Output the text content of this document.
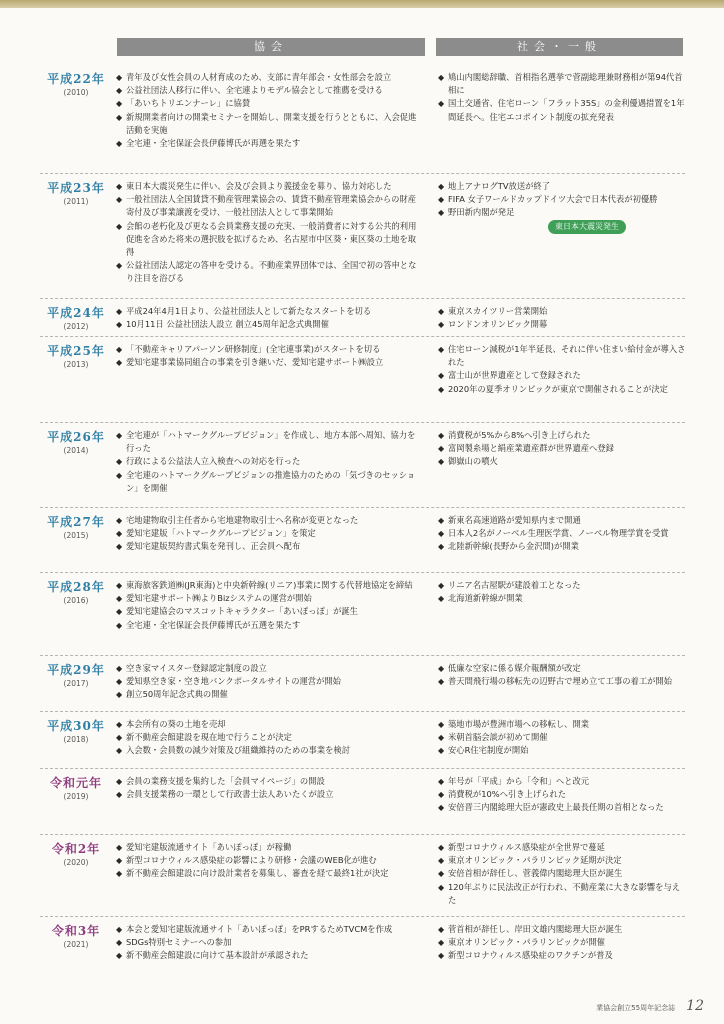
協会	社会・一般
平成22年
(2010)
◆ 青年及び女性会員の人材育成のため、支部に青年部会・女性部会を設立
◆ 公益社団法人移行に伴い、全宅連よりモデル協会として推薦を受ける
◆ 「あいちトリエンナーレ」に協賛
◆ 新規開業者向けの開業セミナーを開始し、開業支援を行うとともに、入会促進活動を実施
◆ 全宅連・全宅保証会長伊藤博氏が再選を果たす
◆ 鳩山内閣総辞職、首相指名選挙で菅副総理兼財務相が第94代首相に
◆ 国土交通省、住宅ローン「フラット35S」の金利優遇措置を1年間延長へ。住宅エコポイント制度の拡充発表
平成23年
(2011)
◆ 東日本大震災発生に伴い、会及び会員より義援金を募り、協力対応した
◆ 一般社団法人全国賃貸不動産管理業協会の、賃貸不動産管理業協会からの財産寄付及び事業譲渡を受け、一般社団法人として事業開始
◆ 会館の老朽化及び更なる会員業務支援の充実、一般消費者に対する公共的利用促進を含めた将来の選択肢を拡げるため、名古屋市中区葵・東区葵の土地を取得
◆ 公益社団法人認定の答申を受ける。不動産業界団体では、全国で初の答申となり注目を浴びる
◆ 地上アナログTV放送が終了
◆ FIFA 女子ワールドカップドイツ大会で日本代表が初優勝
◆ 野田新内閣が発足
平成24年
(2012)
◆ 平成24年4月1日より、公益社団法人として新たなスタートを切る
◆ 10月11日 公益社団法人設立 創立45周年記念式典開催
◆ 東京スカイツリー営業開始
◆ ロンドンオリンピック開幕
平成25年
(2013)
◆ 「不動産キャリアパーソン研修制度」(全宅連事業)がスタートを切る
◆ 愛知宅建事業協同組合の事業を引き継いだ、愛知宅建サポート㈱設立
◆ 住宅ローン減税が1年半延長、それに伴い住まい給付金が導入された
◆ 富士山が世界遺産として登録された
◆ 2020年の夏季オリンピックが東京で開催されることが決定
平成26年
(2014)
◆ 全宅連が「ハトマークグループビジョン」を作成し、地方本部へ周知、協力を行った
◆ 行政による公益法人立入検査への対応を行った
◆ 全宅連のハトマークグループビジョンの推進協力のための「気づきのセッション」を開催
◆ 消費税が5%から8%へ引き上げられた
◆ 富岡製糸場と絹産業遺産群が世界遺産へ登録
◆ 御嶽山の噴火
平成27年
(2015)
◆ 宅地建物取引主任者から宅地建物取引士へ名称が変更となった
◆ 愛知宅建版「ハトマークグループビジョン」を策定
◆ 愛知宅建版契約書式集を発刊し、正会員へ配布
◆ 新東名高速道路が愛知県内まで開通
◆ 日本人2名がノーベル生理医学賞、ノーベル物理学賞を受賞
◆ 北陸新幹線(長野から金沢間)が開業
平成28年
(2016)
◆ 東海旅客鉄道㈱(JR東海)と中央新幹線(リニア)事業に関する代替地協定を締結
◆ 愛知宅建サポート㈱よりBizシステムの運営が開始
◆ 愛知宅建協会のマスコットキャラクター「あいぽっぽ」が誕生
◆ 全宅連・全宅保証会長伊藤博氏が五選を果たす
◆ リニア名古屋駅が建設着工となった
◆ 北海道新幹線が開業
平成29年
(2017)
◆ 空き家マイスター登録認定制度の設立
◆ 愛知県空き家・空き地バンクポータルサイトの運営が開始
◆ 創立50周年記念式典の開催
◆ 低廉な空家に係る媒介報酬額が改定
◆ 普天間飛行場の移転先の辺野古で埋め立て工事の着工が開始
平成30年
(2018)
◆ 本会所有の葵の土地を売却
◆ 新不動産会館建設を現在地で行うことが決定
◆ 入会数・会員数の減少対策及び組織維持のための事業を検討
◆ 築地市場が豊洲市場への移転し、開業
◆ 米朝首脳会談が初めて開催
◆ 安心R住宅制度が開始
令和元年
(2019)
◆ 会員の業務支援を集約した「会員マイページ」の開設
◆ 会員支援業務の一環として行政書士法人あいたくが設立
◆ 年号が「平成」から「令和」へと改元
◆ 消費税が10%へ引き上げられた
◆ 安倍晋三内閣総理大臣が憲政史上最長任期の首相となった
令和2年
(2020)
◆ 愛知宅建版流通サイト「あいぽっぽ」が稼働
◆ 新型コロナウィルス感染症の影響により研修・会議のWEB化が進む
◆ 新不動産会館建設に向け設計業者を募集し、審査を経て最終1社が決定
◆ 新型コロナウィルス感染症が全世界で蔓延
◆ 東京オリンピック・パラリンピック延期が決定
◆ 安倍首相が辞任し、菅義偉内閣総理大臣が誕生
◆ 120年ぶりに民法改正が行われ、不動産業に大きな影響を与えた
令和3年
(2021)
◆ 本会と愛知宅建版流通サイト「あいぽっぽ」をPRするためTVCMを作成
◆ SDGs特別セミナーへの参加
◆ 新不動産会館建設に向けて基本設計が承認された
◆ 菅首相が辞任し、岸田文雄内閣総理大臣が誕生
◆ 東京オリンピック・パラリンピックが開催
◆ 新型コロナウィルス感染症のワクチンが普及
東日本大震災発生
業協会創立55周年記念誌 12
